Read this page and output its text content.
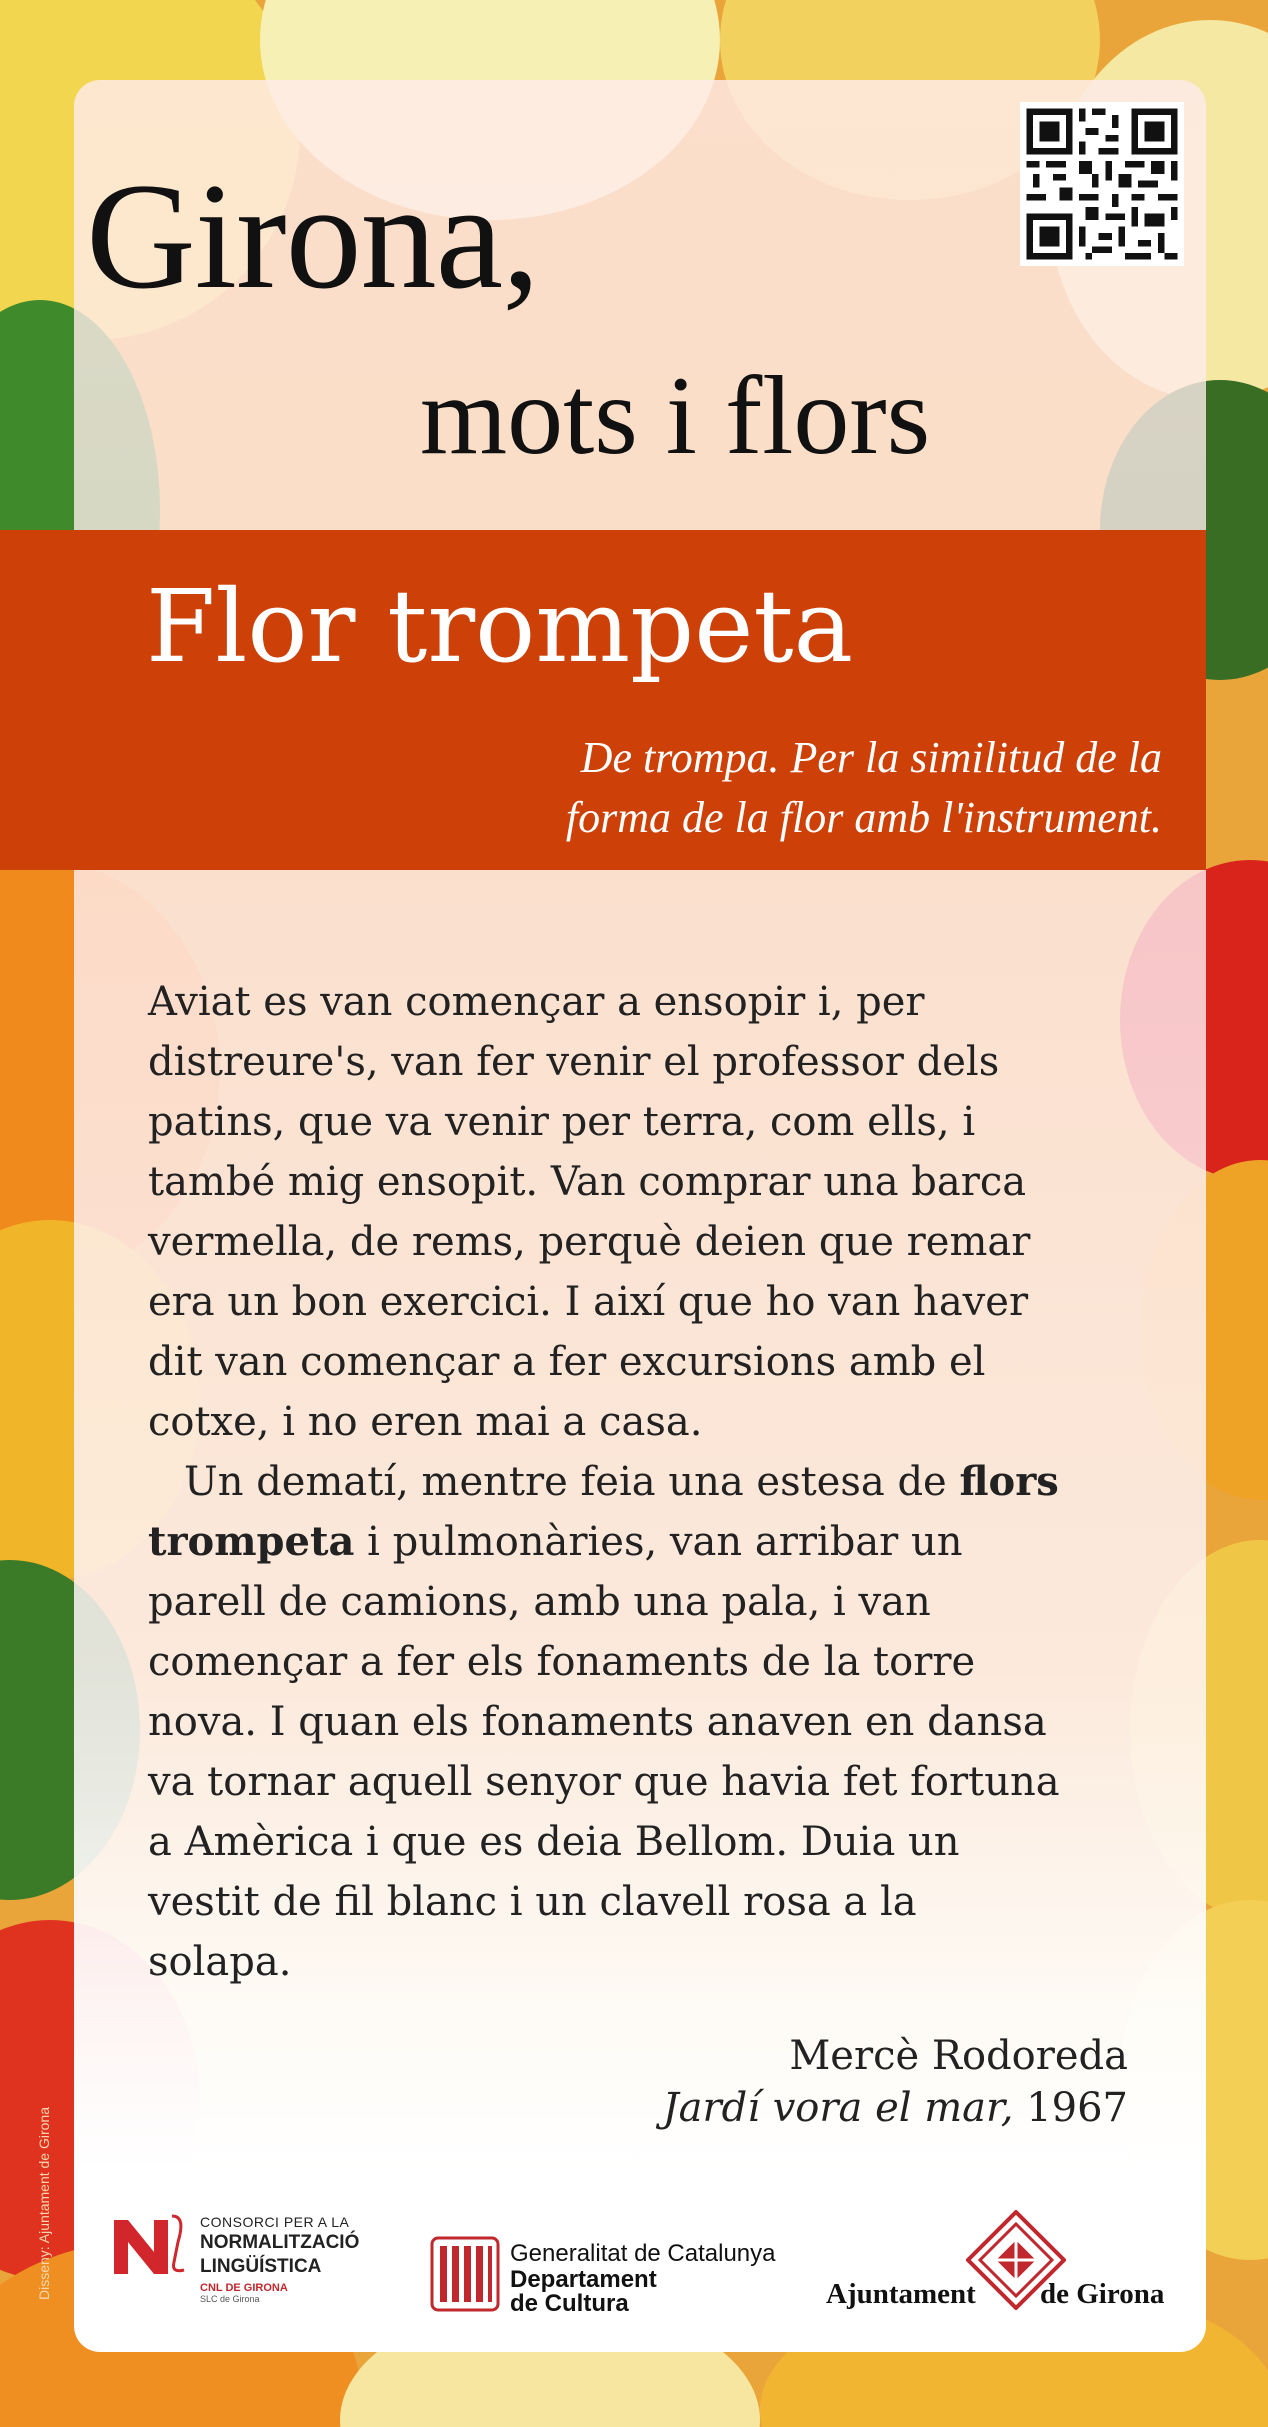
Girona,
mots i flors
Flor trompeta

De trompa. Per la similitud de la
forma de la flor amb l'instrument.

Aviat es van començar a ensopir i, per
distreure's, van fer venir el professor dels
patins, que va venir per terra, com ells, i
també mig ensopit. Van comprar una barca
vermella, de rems, perquè deien que remar
era un bon exercici. I així que ho van haver
dit van començar a fer excursions amb el
cotxe, i no eren mai a casa.

Un dematí, mentre feia una estesa de flors
trompeta i pulmonàries, van arribar un
parell de camions, amb una pala, i van
començar a fer els fonaments de la torre
nova. I quan els fonaments anaven en dansa
va tornar aquell senyor que havia fet fortuna
a Amèrica i que es deia Bellom. Duia un
vestit de fil blanc i un clavell rosa a la
solapa.

Mercè Rodoreda
Jardí vora el mar, 1967
Disseny: Ajuntament de Girona	CONSORCI PER A LA
NORMALITZACIÓ
LINGÜÍSTICA
CNL DE GIRONA
SLC de Girona
Generalitat de Catalunya
Departament
de Cultura	Ajuntament de Girona
